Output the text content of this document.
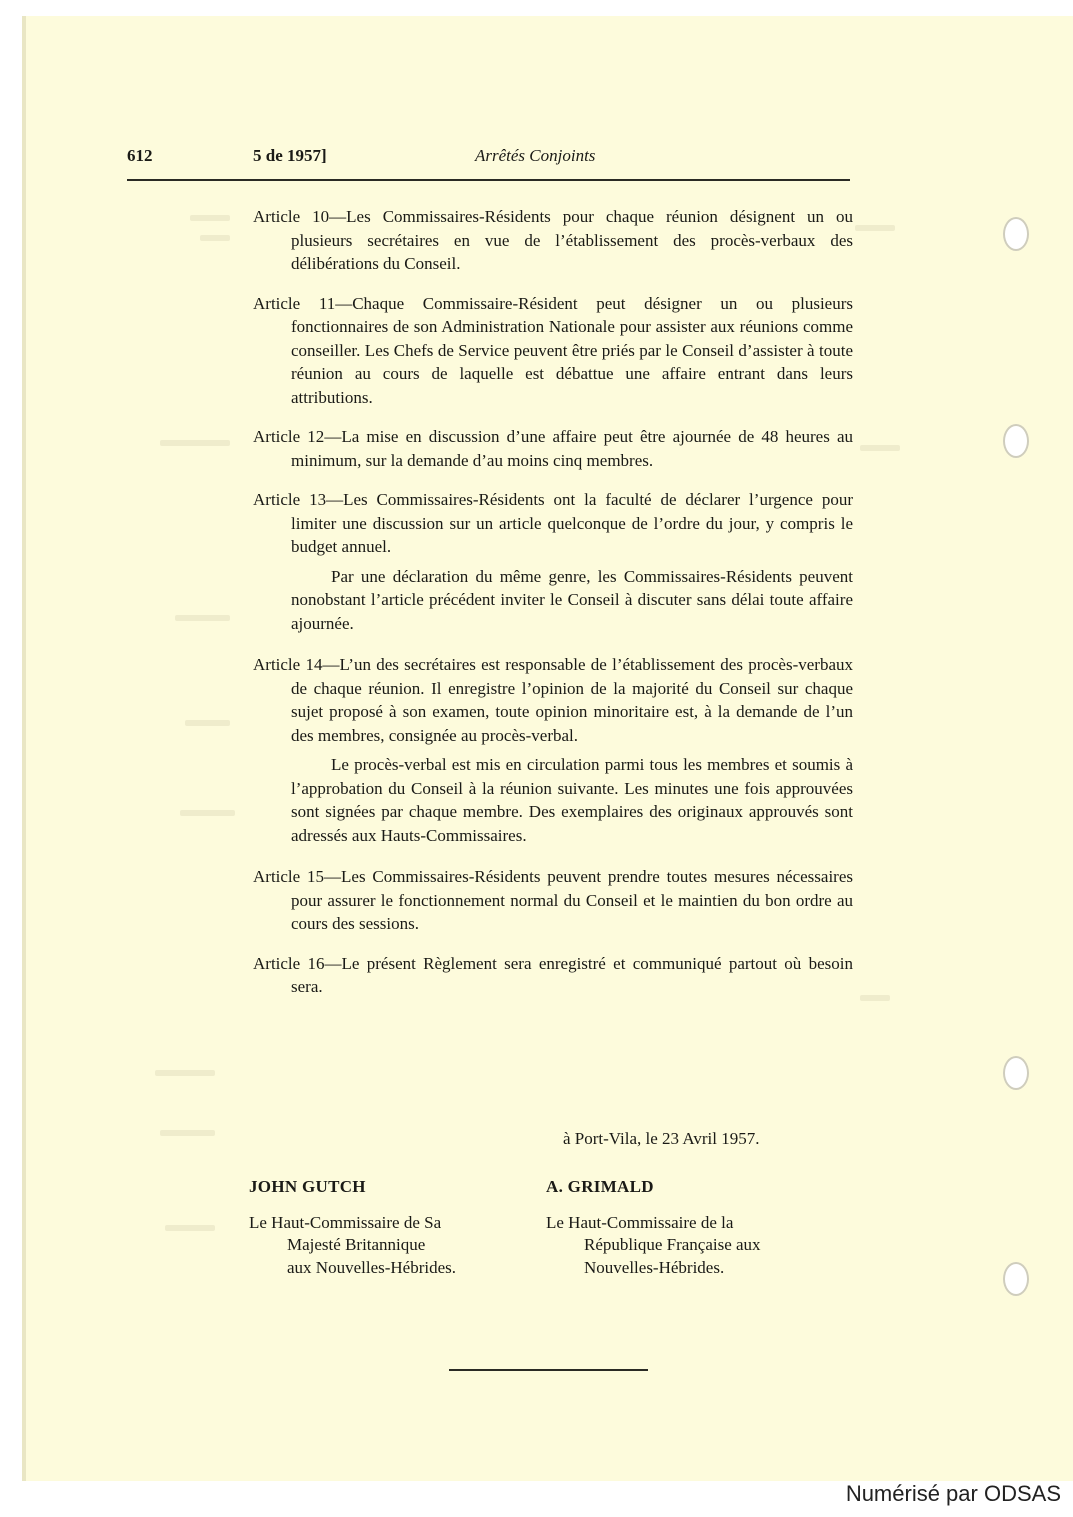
612	5 de 1957]	Arrêtés Conjoints

Article 10—Les Commissaires-Résidents pour chaque réunion désignent un ou plusieurs secrétaires en vue de l’établissement des procès-verbaux des délibérations du Conseil.

Article 11—Chaque Commissaire-Résident peut désigner un ou plusieurs fonctionnaires de son Administration Nationale pour assister aux réunions comme conseiller. Les Chefs de Service peuvent être priés par le Conseil d’assister à toute réunion au cours de laquelle est débattue une affaire entrant dans leurs attributions.

Article 12—La mise en discussion d’une affaire peut être ajournée de 48 heures au minimum, sur la demande d’au moins cinq membres.

Article 13—Les Commissaires-Résidents ont la faculté de déclarer l’urgence pour limiter une discussion sur un article quelconque de l’ordre du jour, y compris le budget annuel.

Par une déclaration du même genre, les Commissaires-Résidents peuvent nonobstant l’article précédent inviter le Conseil à discuter sans délai toute affaire ajournée.

Article 14—L’un des secrétaires est responsable de l’établissement des procès-verbaux de chaque réunion. Il enregistre l’opinion de la majorité du Conseil sur chaque sujet proposé à son examen, toute opinion minoritaire est, à la demande de l’un des membres, consignée au procès-verbal.

Le procès-verbal est mis en circulation parmi tous les membres et soumis à l’approbation du Conseil à la réunion suivante. Les minutes une fois approuvées sont signées par chaque membre. Des exemplaires des originaux approuvés sont adressés aux Hauts-Commissaires.

Article 15—Les Commissaires-Résidents peuvent prendre toutes mesures nécessaires pour assurer le fonctionnement normal du Conseil et le maintien du bon ordre au cours des sessions.

Article 16—Le présent Règlement sera enregistré et communiqué partout où besoin sera.

à Port-Vila, le 23 Avril 1957.
JOHN GUTCH
Le Haut-Commissaire de Sa
Majesté Britannique
aux Nouvelles-Hébrides.
A. GRIMALD
Le Haut-Commissaire de la
République Française aux
Nouvelles-Hébrides.
Numérisé par ODSAS
